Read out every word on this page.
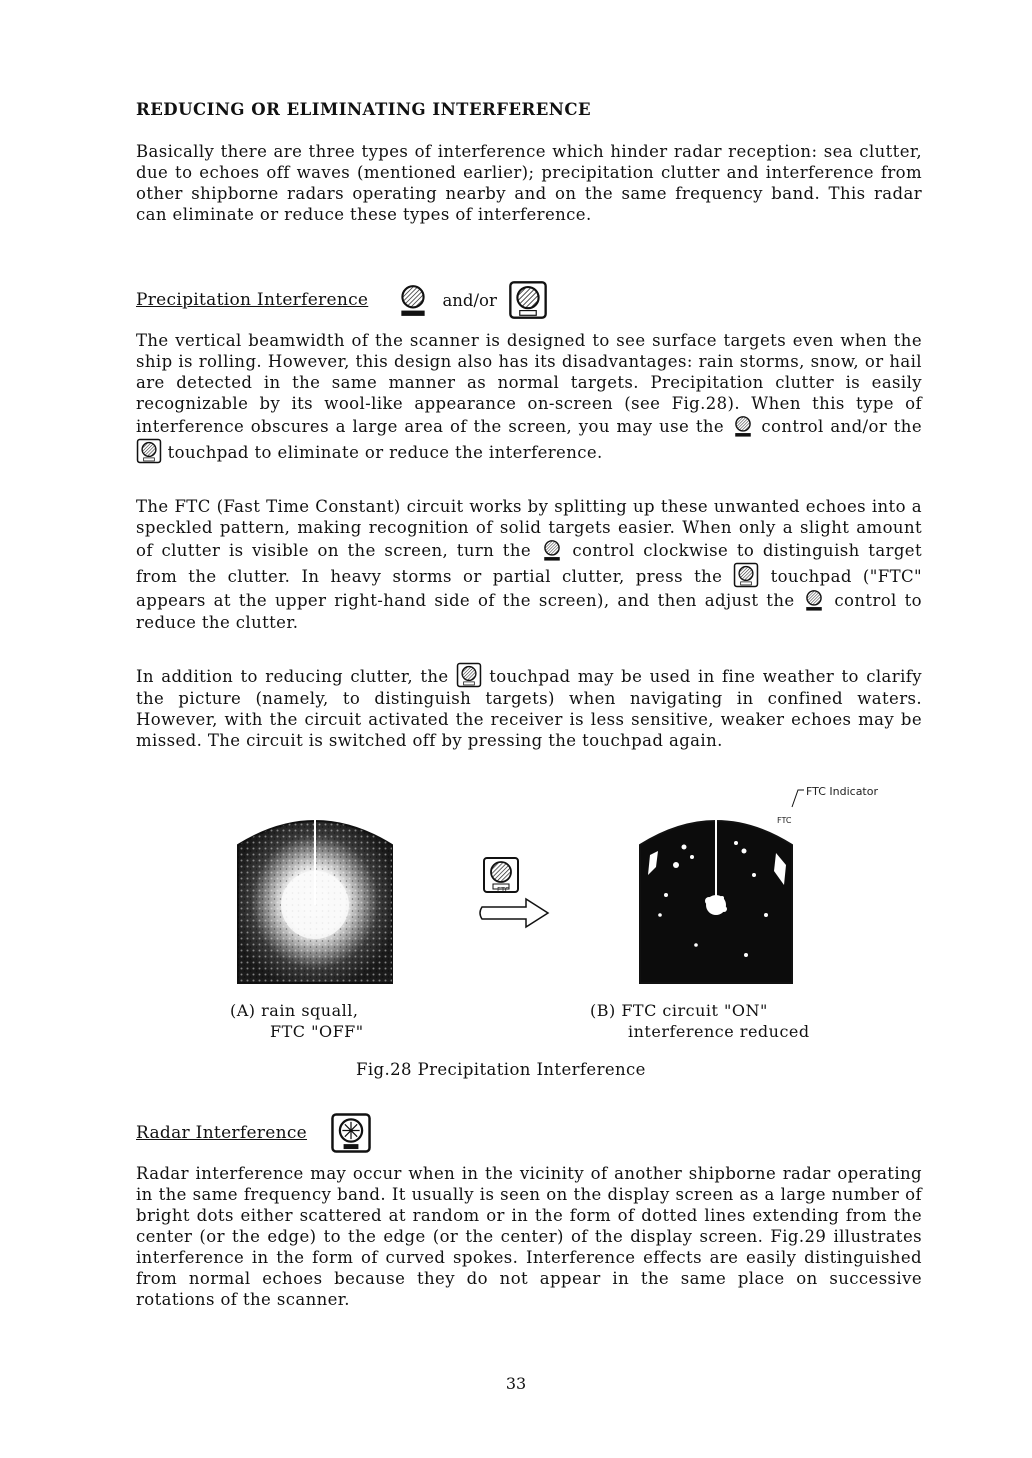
REDUCING OR ELIMINATING INTERFERENCE

Basically there are three types of interference which hinder radar reception: sea clutter, due to echoes off waves (mentioned earlier); precipitation clutter and interference from other shipborne radars operating nearby and on the same frequency band. This radar can eliminate or reduce these types of interference.

Precipitation Interference	and/or

The vertical beamwidth of the scanner is designed to see surface targets even when the ship is rolling. However, this design also has its disadvantages: rain storms, snow, or hail are detected in the same manner as normal targets. Precipitation clutter is easily recognizable by its wool-like appearance on-screen (see Fig.28). When this type of interference obscures a large area of the screen, you may use the control and/or the  touchpad to eliminate or reduce the interference.

The FTC (Fast Time Constant) circuit works by splitting up these unwanted echoes into a speckled pattern, making recognition of solid targets easier. When only a slight amount of clutter is visible on the screen, turn the	control clockwise to distinguish target from the clutter. In heavy storms or partial clutter, press the	touchpad ("FTC" appears at the upper right-hand side of the screen), and then adjust the control to reduce the clutter.

In addition to reducing clutter, the touchpad may be used in fine weather to clarify the picture (namely, to distinguish targets) when navigating in confined waters. However, with the circuit activated the receiver is less sensitive, weaker echoes may be missed. The circuit is switched off by pressing the touchpad again.

FTC
FTC
FTC Indicator
(A) rain squall,
FTC "OFF"
(B) FTC circuit "ON"
interference reduced
Fig.28 Precipitation Interference
Radar Interference

Radar interference may occur when in the vicinity of another shipborne radar operating in the same frequency band. It usually is seen on the display screen as a large number of bright dots either scattered at random or in the form of dotted lines extending from the center (or the edge) to the edge (or the center) of the display screen. Fig.29 illustrates interference in the form of curved spokes. Interference effects are easily distinguished from normal echoes because they do not appear in the same place on successive rotations of the scanner.

33
